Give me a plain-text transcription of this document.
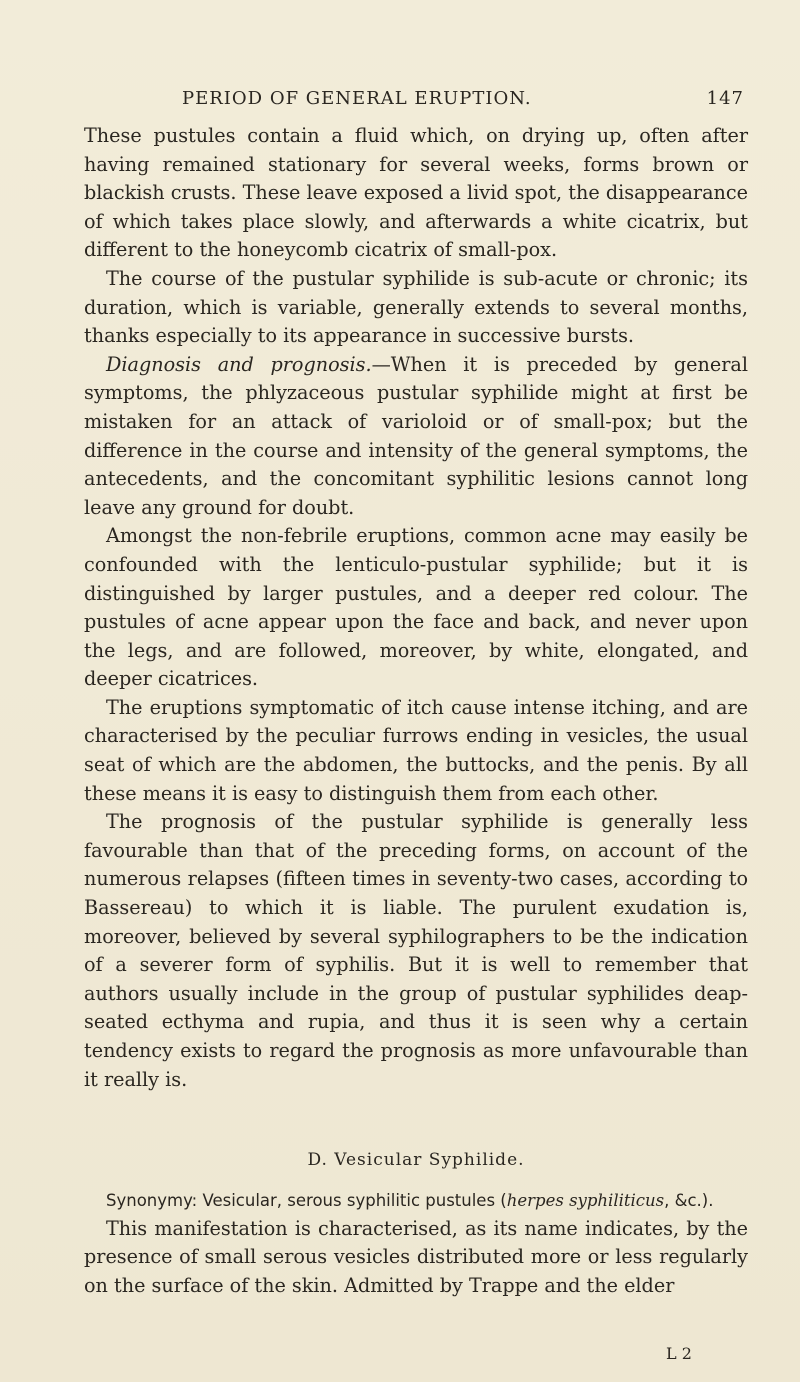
PERIOD OF GENERAL ERUPTION.	147

These pustules contain a fluid which, on drying up, often after having remained stationary for several weeks, forms brown or blackish crusts. These leave exposed a livid spot, the disappearance of which takes place slowly, and afterwards a white cicatrix, but different to the honeycomb cicatrix of small-pox.

The course of the pustular syphilide is sub-acute or chronic; its duration, which is variable, generally extends to several months, thanks especially to its appearance in successive bursts.

Diagnosis and prognosis.—When it is preceded by general symptoms, the phlyzaceous pustular syphilide might at first be mistaken for an attack of varioloid or of small-pox; but the difference in the course and intensity of the general symptoms, the antecedents, and the concomitant syphilitic lesions cannot long leave any ground for doubt.

Amongst the non-febrile eruptions, common acne may easily be confounded with the lenticulo-pustular syphilide; but it is distinguished by larger pustules, and a deeper red colour. The pustules of acne appear upon the face and back, and never upon the legs, and are followed, moreover, by white, elongated, and deeper cicatrices.

The eruptions symptomatic of itch cause intense itching, and are characterised by the peculiar furrows ending in vesicles, the usual seat of which are the abdomen, the buttocks, and the penis. By all these means it is easy to distinguish them from each other.

The prognosis of the pustular syphilide is generally less favourable than that of the preceding forms, on account of the numerous relapses (fifteen times in seventy-two cases, according to Bassereau) to which it is liable. The purulent exudation is, moreover, believed by several syphilographers to be the indication of a severer form of syphilis. But it is well to remember that authors usually include in the group of pustular syphilides deap-seated ecthyma and rupia, and thus it is seen why a certain tendency exists to regard the prognosis as more unfavourable than it really is.

D. Vesicular Syphilide.

Synonymy: Vesicular, serous syphilitic pustules (herpes syphiliticus, &c.).

This manifestation is characterised, as its name indicates, by the presence of small serous vesicles distributed more or less regularly on the surface of the skin. Admitted by Trappe and the elder

L 2
